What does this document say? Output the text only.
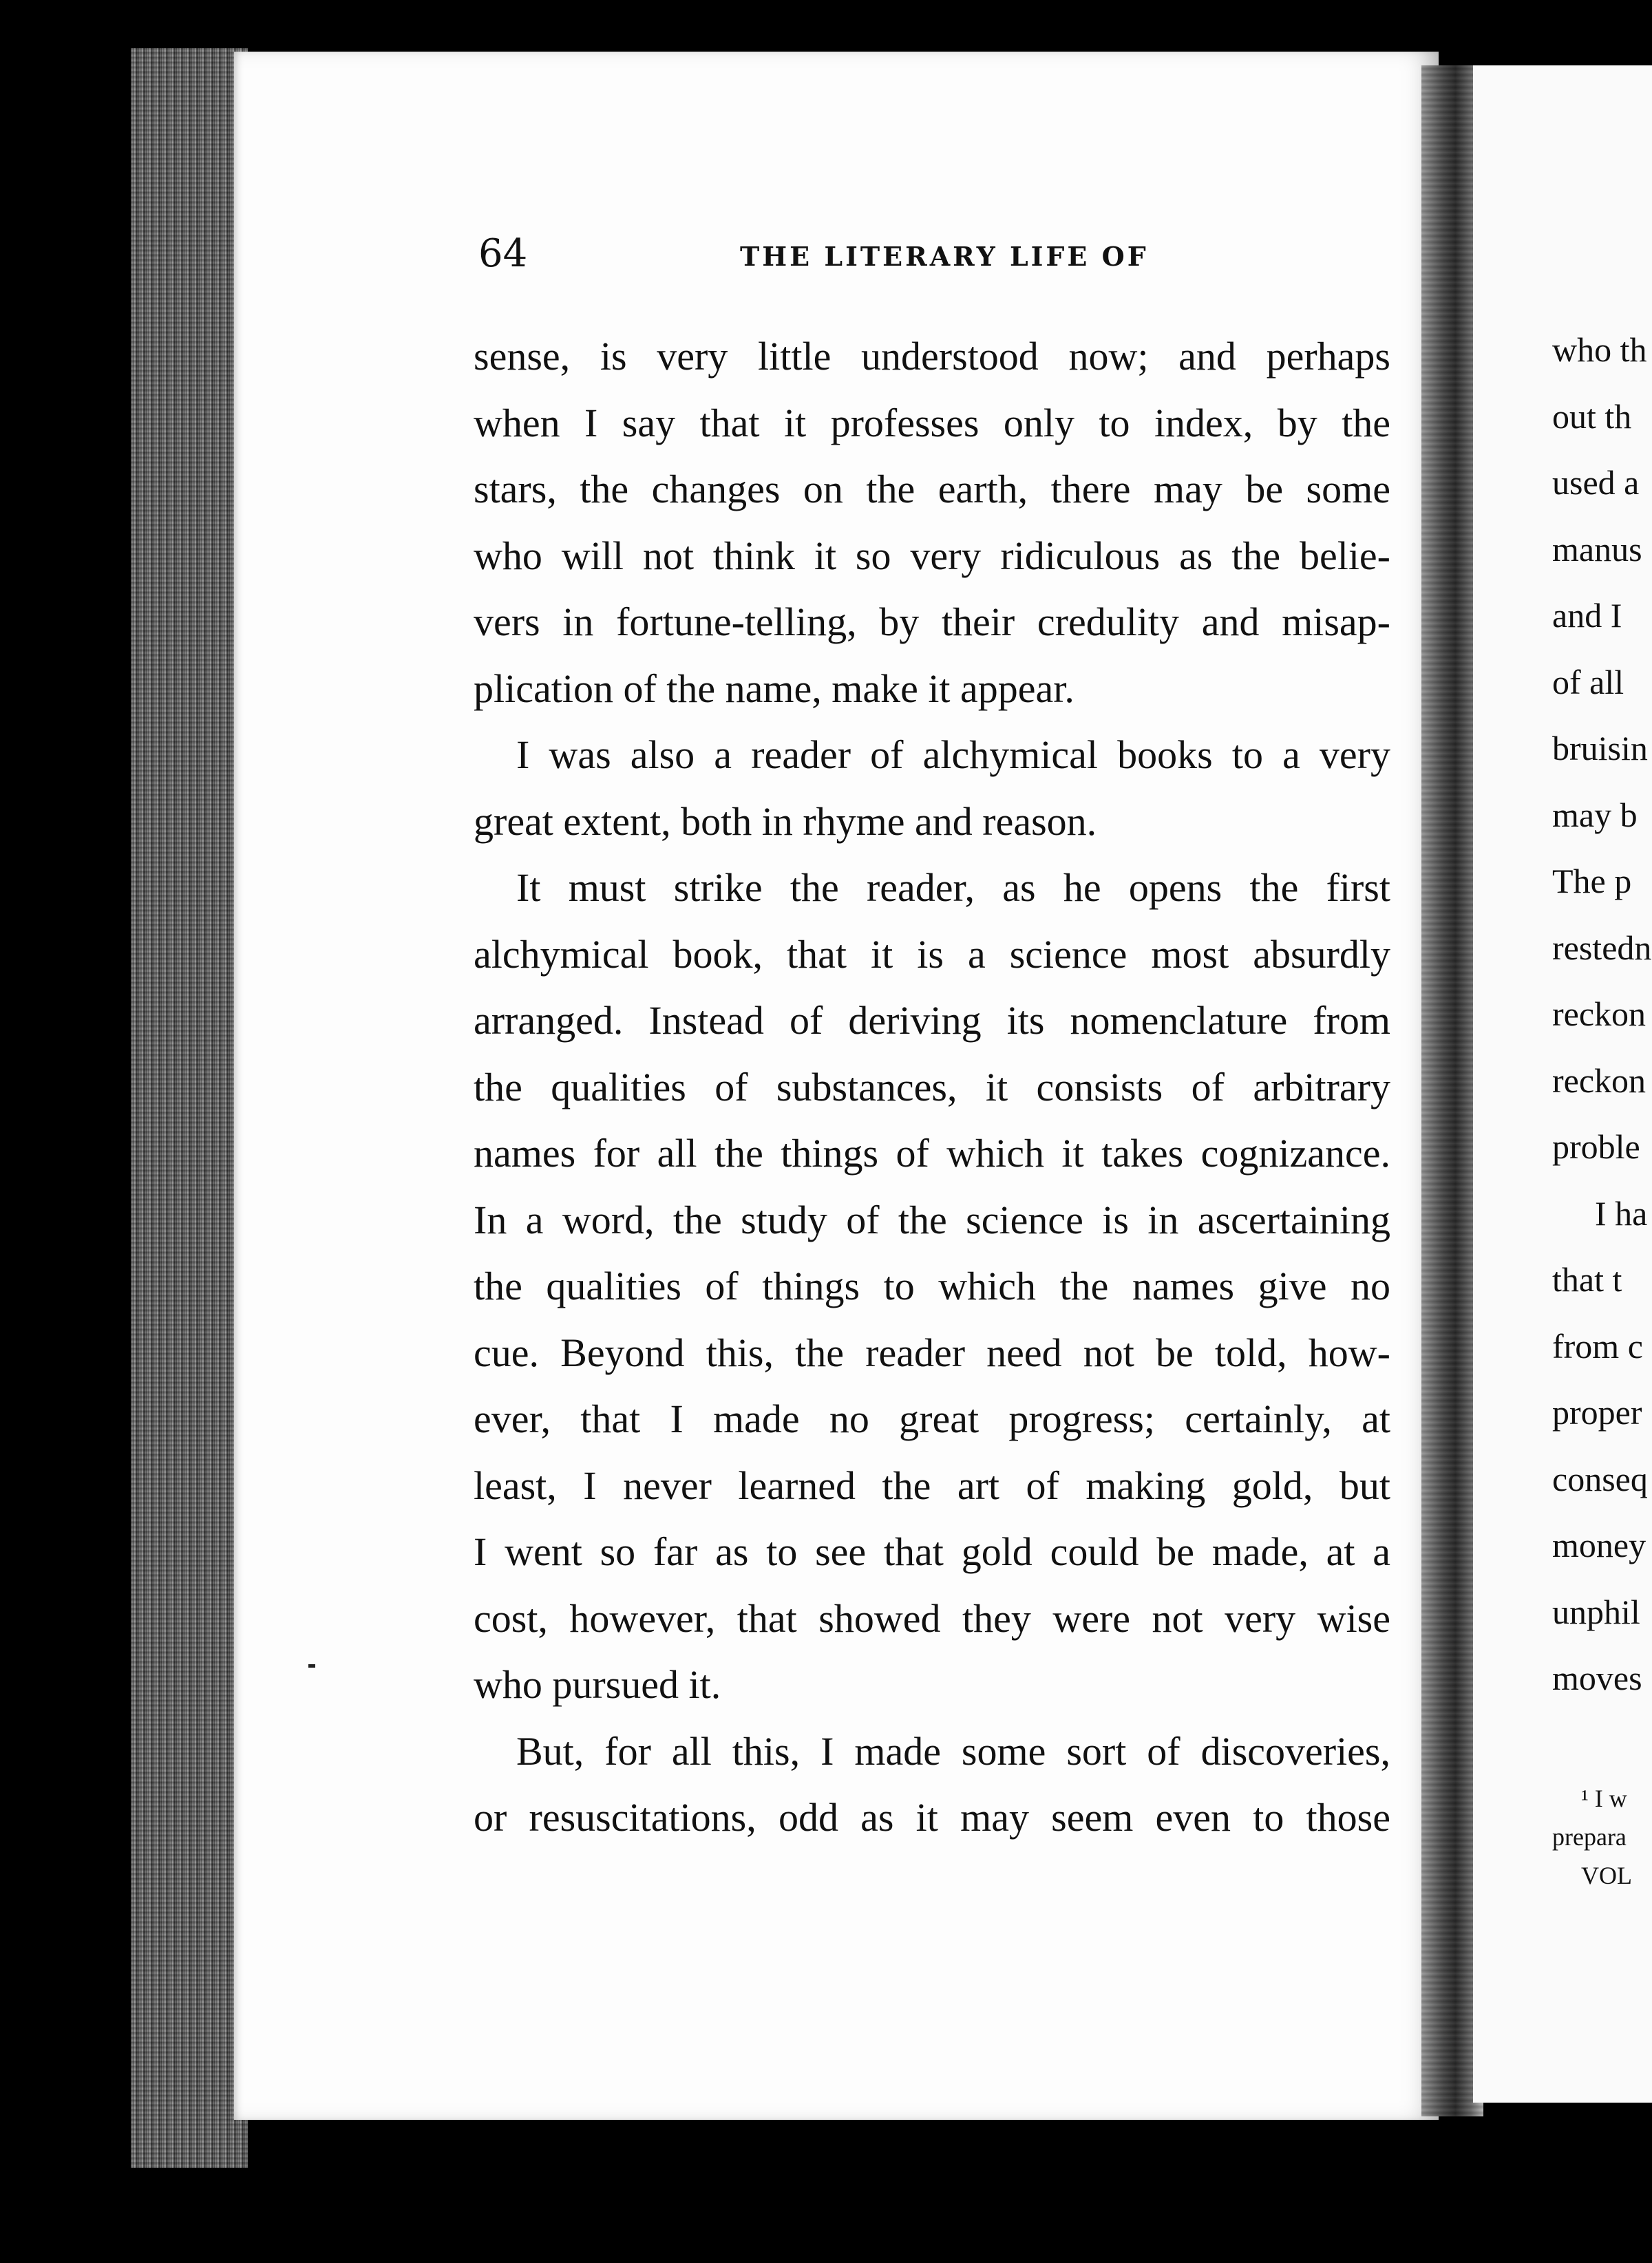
64	THE LITERARY LIFE OF
sense, is very little understood now; and perhaps
when I say that it professes only to index, by the
stars, the changes on the earth, there may be some
who will not think it so very ridiculous as the belie-
vers in fortune-telling, by their credulity and misap-
plication of the name, make it appear.
I was also a reader of alchymical books to a very
great extent, both in rhyme and reason.
It must strike the reader, as he opens the first
alchymical book, that it is a science most absurdly
arranged. Instead of deriving its nomenclature from
the qualities of substances, it consists of arbitrary
names for all the things of which it takes cognizance.
In a word, the study of the science is in ascertaining
the qualities of things to which the names give no
cue. Beyond this, the reader need not be told, how-
ever, that I made no great progress; certainly, at
least, I never learned the art of making gold, but
I went so far as to see that gold could be made, at a
cost, however, that showed they were not very wise
who pursued it.
But, for all this, I made some sort of discoveries,
or resuscitations, odd as it may seem even to those
who th
out th
used a
manus
and I
of all
bruisin
may b
The p
restedn
reckon
reckon
proble
I ha
that t
from c
proper
conseq
money
unphil
moves
¹ I w
prepara
VOL
